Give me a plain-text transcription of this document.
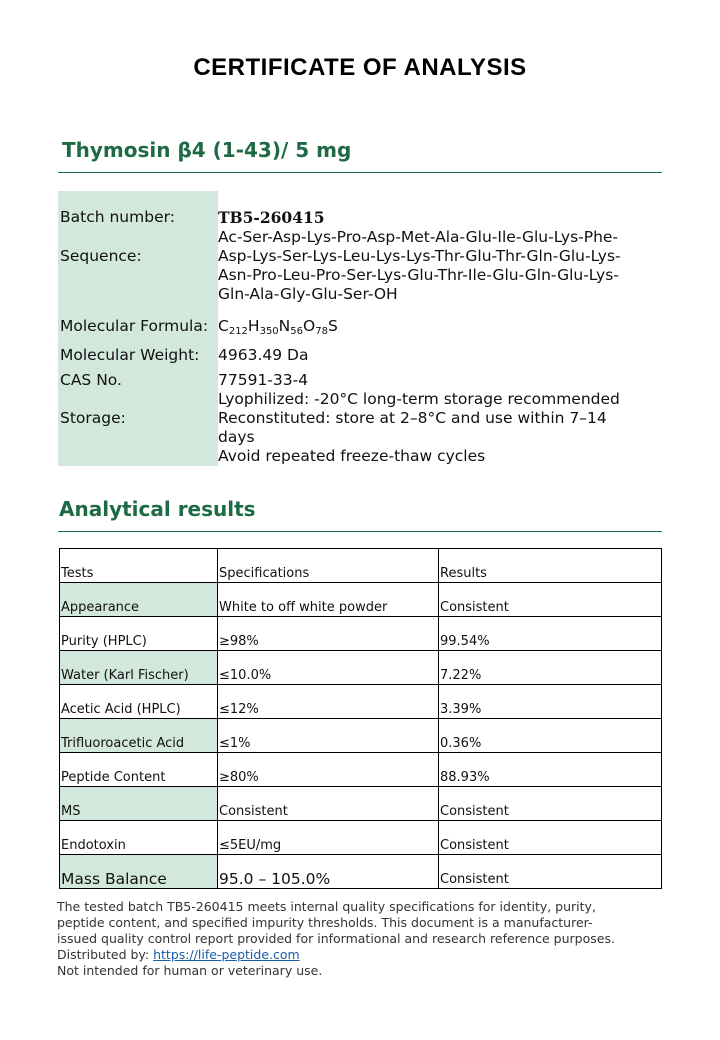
CERTIFICATE OF ANALYSIS
Thymosin β4 (1-43)/ 5 mg
Batch number:	TB5-260415
Ac-Ser-Asp-Lys-Pro-Asp-Met-Ala-Glu-Ile-Glu-Lys-Phe-
Sequence:	Asp-Lys-Ser-Lys-Leu-Lys-Lys-Thr-Glu-Thr-Gln-Glu-Lys-
Asn-Pro-Leu-Pro-Ser-Lys-Glu-Thr-Ile-Glu-Gln-Glu-Lys-
Gln-Ala-Gly-Glu-Ser-OH
Molecular Formula: $C_{212}H_{350}N_{56}O_{78}S$
Molecular Weight: 4963.49 Da
CAS No.	77591-33-4
Lyophilized: -20°C long-term storage recommended
Storage:	Reconstituted: store at 2–8°C and use within 7–14
days
Avoid repeated freeze-thaw cycles
Analytical results
Tests	Specifications	Results
Appearance	White to off white powder	Consistent
Purity (HPLC)	≥98%	99.54%
Water (Karl Fischer)	≤10.0%	7.22%
Acetic Acid (HPLC)	≤12%	3.39%
Trifluoroacetic Acid	≤1%	0.36%
Peptide Content	≥80%	88.93%
MS	Consistent	Consistent
Endotoxin	≤5EU/mg	Consistent
Mass Balance	95.0 – 105.0%	Consistent
The tested batch TB5-260415 meets internal quality specifications for identity, purity,
peptide content, and specified impurity thresholds. This document is a manufacturer-
issued quality control report provided for informational and research reference purposes.
Distributed by: https://life-peptide.com
Not intended for human or veterinary use.
